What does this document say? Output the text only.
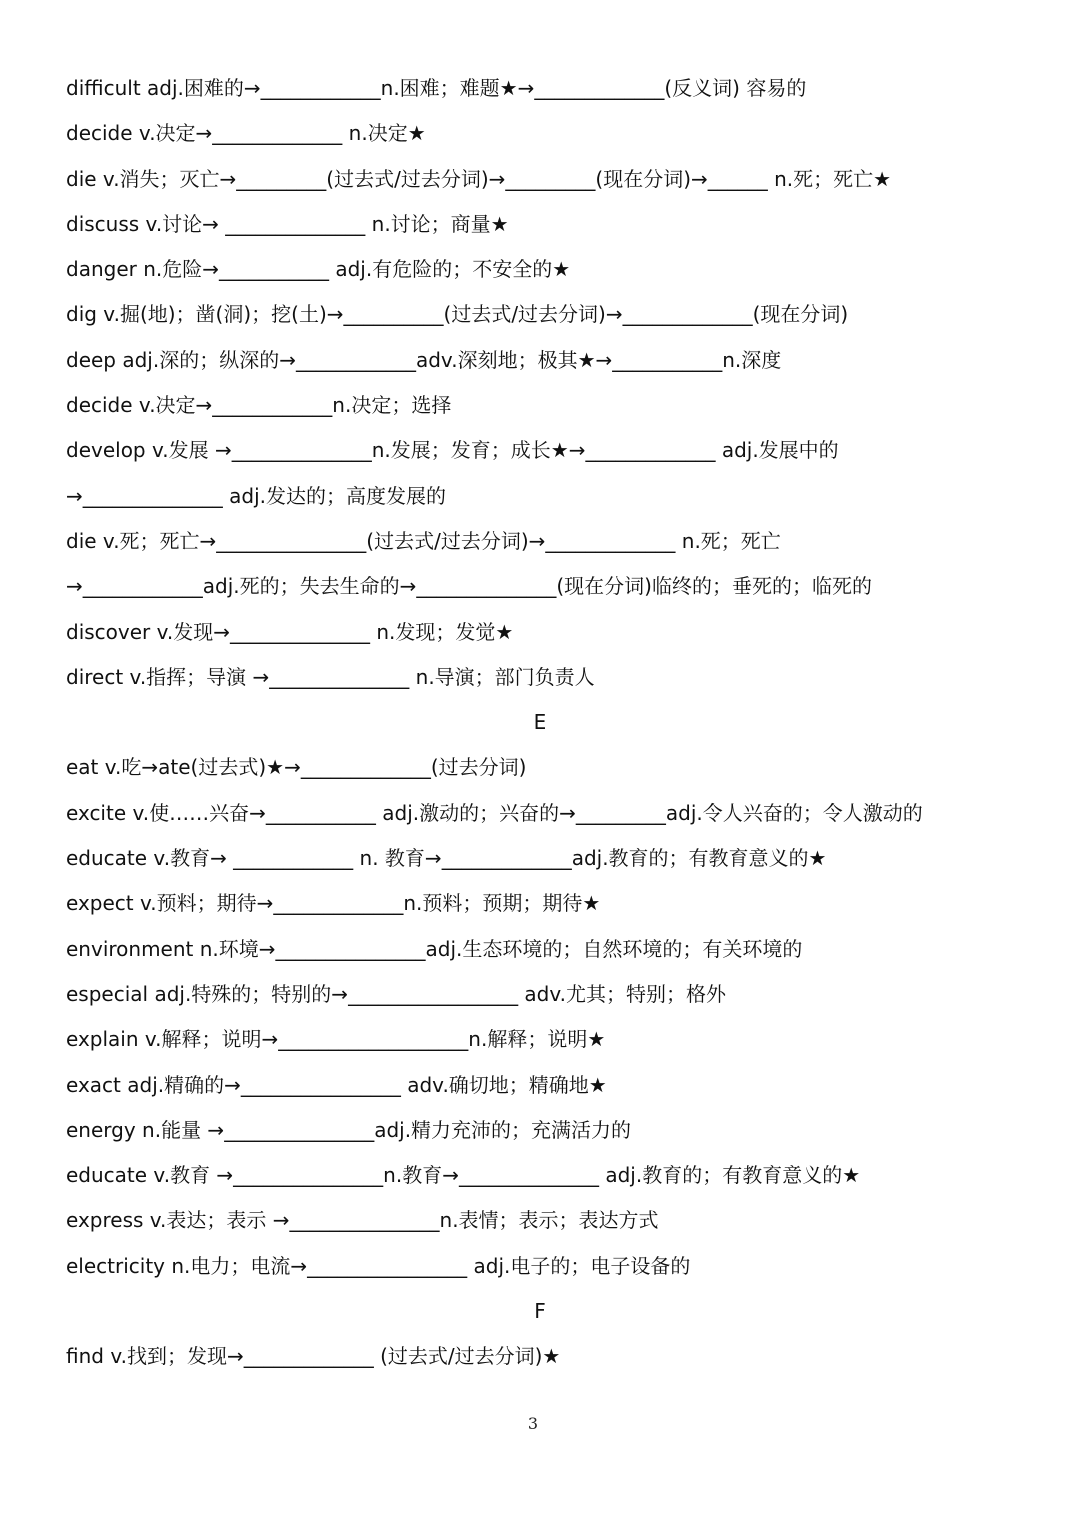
difficult adj.困难的→____________n.困难；难题★→_____________(反义词) 容易的
decide v.决定→_____________ n.决定★
die v.消失；灭亡→_________(过去式/过去分词)→_________(现在分词)→______ n.死；死亡★
discuss v.讨论→ ______________ n.讨论；商量★
danger n.危险→___________ adj.有危险的；不安全的★
dig v.掘(地)；凿(洞)；挖(土)→__________(过去式/过去分词)→_____________(现在分词)
deep adj.深的；纵深的→____________adv.深刻地；极其★→___________n.深度
decide v.决定→____________n.决定；选择
develop v.发展 →______________n.发展；发育；成长★→_____________ adj.发展中的
→______________ adj.发达的；高度发展的
die v.死；死亡→_______________(过去式/过去分词)→_____________ n.死；死亡
→____________adj.死的；失去生命的→______________(现在分词)临终的；垂死的；临死的
discover v.发现→______________ n.发现；发觉★
direct v.指挥；导演 →______________ n.导演；部门负责人
E
eat v.吃→ate(过去式)★→_____________(过去分词)
excite v.使……兴奋→___________ adj.激动的；兴奋的→_________adj.令人兴奋的；令人激动的
educate v.教育→ ____________ n. 教育→_____________adj.教育的；有教育意义的★
expect v.预料；期待→_____________n.预料；预期；期待★
environment n.环境→_______________adj.生态环境的；自然环境的；有关环境的
especial adj.特殊的；特别的→_________________ adv.尤其；特别；格外
explain v.解释；说明→___________________n.解释；说明★
exact adj.精确的→________________ adv.确切地；精确地★
energy n.能量 →_______________adj.精力充沛的；充满活力的
educate v.教育 →_______________n.教育→______________ adj.教育的；有教育意义的★
express v.表达；表示 →_______________n.表情；表示；表达方式
electricity n.电力；电流→________________ adj.电子的；电子设备的
F
find v.找到；发现→_____________ (过去式/过去分词)★
3
